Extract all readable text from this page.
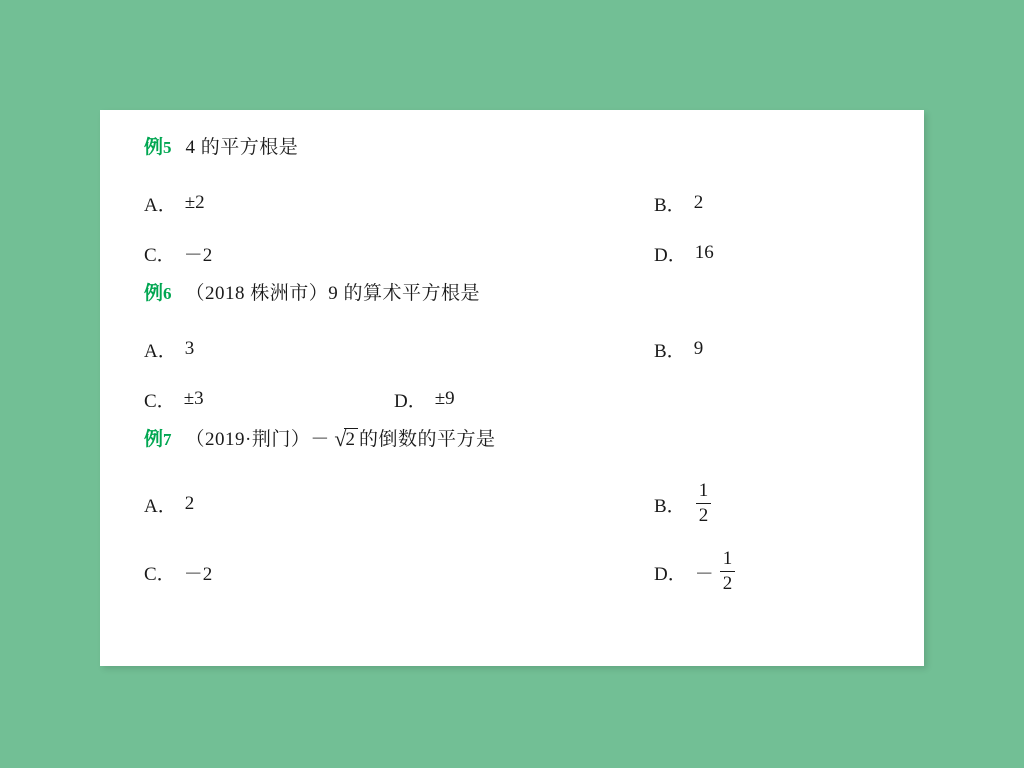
例5 4 的平方根是
A． ±2	B． 2
C． －2	D． 16
例6 （2018 株洲市）9 的算术平方根是
A． 3	B． 9
C． ±3	D． ±9
例7 （2019·荆门） － √ 2 的倒数的平方是
A． 2	B． $\frac{1}{2}$
C． －2	D． － $\frac{1}{2}$
